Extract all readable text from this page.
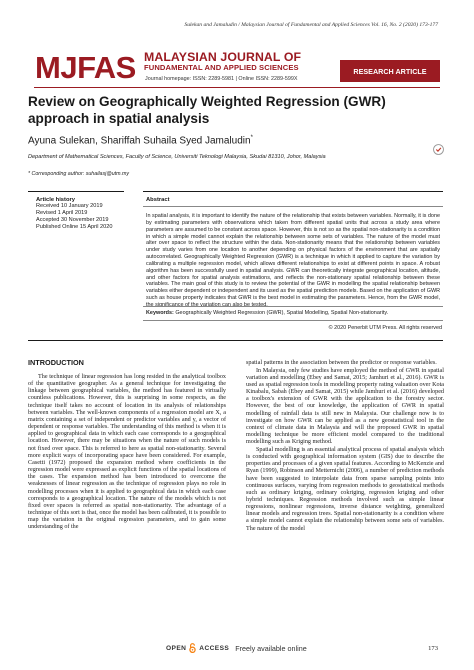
Sulekan and Jamaludin / Malaysian Journal of Fundamental and Applied Sciences Vol. 16, No. 2 (2020) 173-177
MJFAS MALAYSIAN JOURNAL OF
FUNDAMENTAL AND APPLIED SCIENCES
Journal homepage: ISSN: 2289-5981 | Online ISSN: 2289-599X
RESEARCH ARTICLE
Review on Geographically Weighted Regression (GWR) approach in spatial analysis
Ayuna Sulekan, Shariffah Suhaila Syed Jamaludin*
Department of Mathematical Sciences, Faculty of Science, Universiti Teknologi Malaysia, Skudai 81310, Johor, Malaysia
* Corresponding author: suhailasj@utm.my
Article history
Received 10 January 2019
Revised 1 April 2019
Accepted 30 November 2019
Published Online 15 April 2020
Abstract
In spatial analysis, it is important to identify the nature of the relationship that exists between variables. Normally, it is done by estimating parameters with observations which taken from different spatial units that across a study area where parameters are assumed to be constant across space. However, this is not so as the spatial non-stationarity is a condition in which a simple model cannot explain the relationship between some sets of variables. The nature of the model must alter over space to reflect the structure within the data. Non-stationarity means that the relationship between variables under study varies from one location to another depending on physical factors of the environment that are spatially autocorrelated. Geographically Weighted Regression (GWR) is a technique in which it applied to capture the variation by calibrating a multiple regression model, which allows different relationships to exist at different points in space. A robust algorithm has been successfully used in spatial analysis. GWR can theoretically integrate geographical location, altitude, and other factors for spatial analysis estimations, and reflects the non-stationary spatial relationship between these variables. The main goal of this study is to review the potential of the GWR in modelling the spatial relationship between variables either dependent or independent and its used as the spatial prediction models. Based on the application of GWR such as house property indicates that GWR is the best model in estimating the parameters. Hence, from the GWR model, the significance of the variation can also be tested.
Keywords: Geographically Weighted Regression (GWR), Spatial Modelling, Spatial Non-stationarity.
© 2020 Penerbit UTM Press. All rights reserved
INTRODUCTION

The technique of linear regression has long resided in the analytical toolbox of the quantitative geographer. As a general technique for investigating the linkage between geographical variables, the method has featured in virtually countless publications. However, this is surprising in some respects, as the technique itself takes no account of location in its analysis of relationships between variables. The well-known components of a regression model are X, a matrix containing a set of independent or predictor variables and y, a vector of dependent or response variables. The understanding of this method is when it is applied to geographical data in which each case corresponds to a geographical location. However, there may be situations when the nature of such models is not fixed over space. This is referred to here as spatial non-stationarity. Several more explicit ways of incorporating space have been considered. For example, Casetti (1972) proposed the expansion method where coefficients in the regression model were expressed as explicit functions of the spatial locations of the cases. The expansion method has been introduced to overcome the weaknesses of linear regression as the technique of regression plays no role in modelling processes when it is applied to geographical data in which each case corresponds to a geographical location. The nature of the models which is not fixed over spaces is referred as spatial non-stationarity. The advantage of a technique of this sort is that, once the model has been calibrated, it is possible to map the variation in the original regression parameters, and to gain some understanding of the

spatial patterns in the association between the predictor or response variables.

In Malaysia, only few studies have employed the method of GWR in spatial variation and modelling (Ebey and Samat, 2015; Jamhuri et al., 2016). GWR is used as spatial regression tools in modelling property rating valuation over Kota Kinabalu, Sabah (Ebey and Samat, 2015) while Jamhuri et al. (2016) developed a toolbox's extension of GWR with the application to the forestry sector. However, the best of our knowledge, the application of GWR in spatial modelling of rainfall data is still new in Malaysia. Our challenge now is to investigate on how GWR can be applied as a new geostatistical tool in the context of climate data in Malaysia and will the proposed GWR in spatial modelling technique be more efficient model compared to the traditional modelling such as Kriging method.

Spatial modelling is an essential analytical process of spatial analysis which is conducted with geographical information system (GIS) due to describe the properties and processes of a given spatial features. According to McKenzie and Ryan (1999), Robinson and Metternicht (2006), a number of prediction methods have been suggested to interpolate data from sparse sampling points into continuous surfaces, varying from regression methods to geostatistical methods such as ordinary kriging, ordinary cokriging, regression kriging and other hybrid techniques. Regression methods involved such as simple linear regressions, nonlinear regressions, inverse distance weighting, generalized linear models and regression trees. Spatial non-stationarity is a condition where a simple model cannot explain the relationship between some sets of variables. The nature of the model

OPEN ACCESS Freely available online	173
